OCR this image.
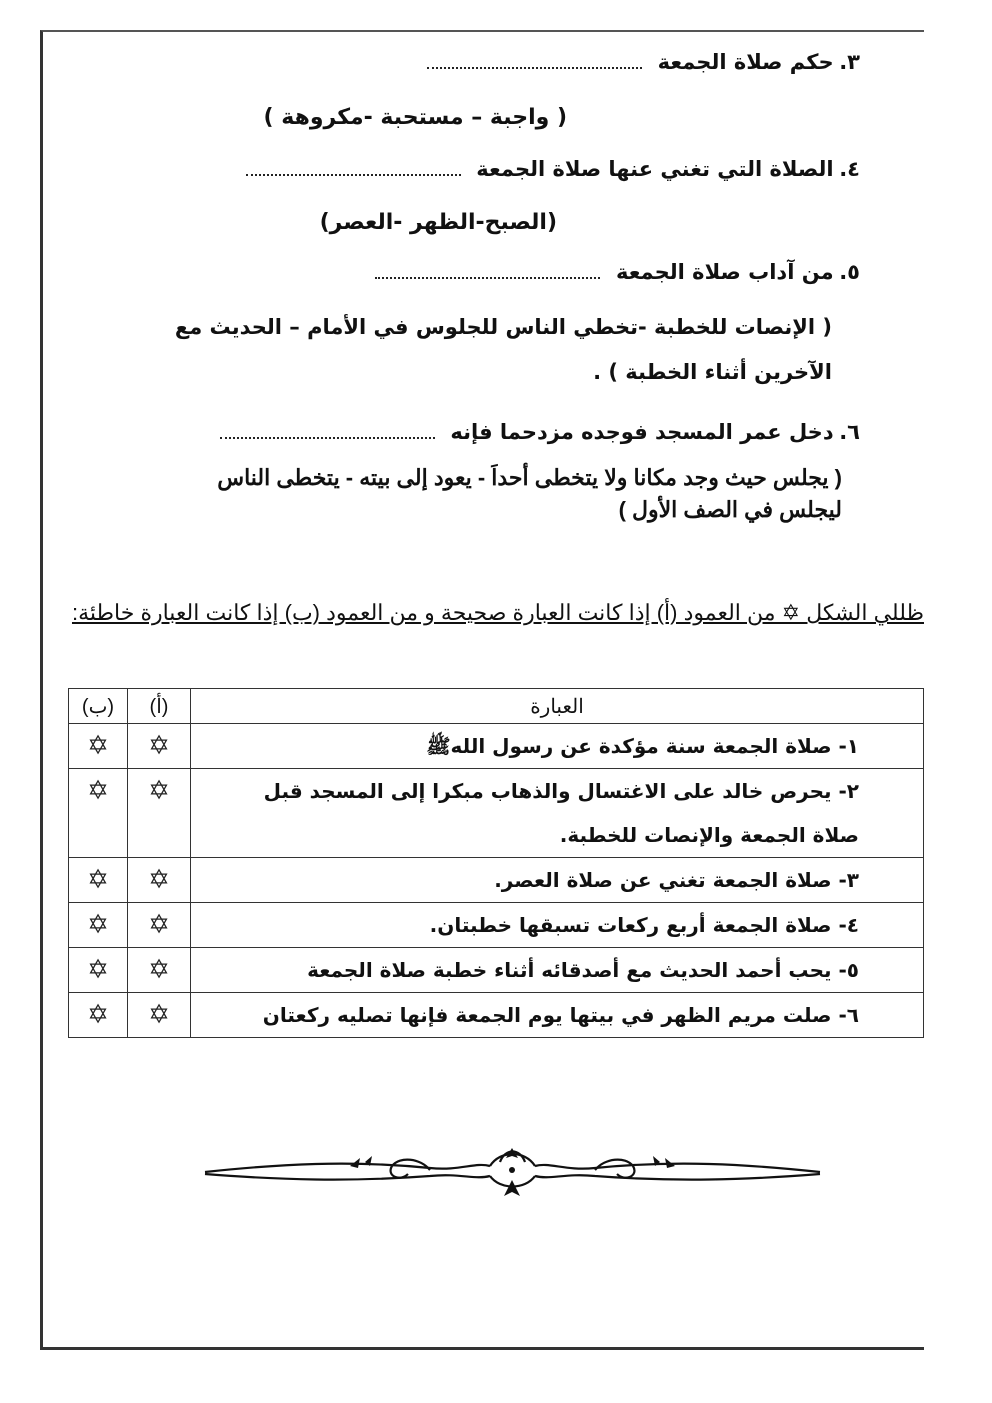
٣. حكم صلاة الجمعة
( واجبة – مستحبة -مكروهة )
٤. الصلاة التي تغني عنها صلاة الجمعة
(الصبح-الظهر -العصر)
٥. من آداب صلاة الجمعة
( الإنصات للخطبة -تخطي الناس للجلوس في الأمام – الحديث مع
الآخرين أثناء الخطبة ) .
٦. دخل عمر المسجد فوجده مزدحما فإنه
( يجلس حيث وجد مكانا ولا يتخطى أحداَ - يعود إلى بيته - يتخطى الناس
ليجلس في الصف الأول )
ظللي الشكل ✡ من العمود (أ) إذا كانت العبارة صحيحة و من العمود (ب) إذا كانت العبارة خاطئة:
العبارة	(أ)	(ب)

١- صلاة الجمعة سنة مؤكدة عن رسول اللهﷺ	✡	✡

٢- يحرص خالد على الاغتسال والذهاب مبكرا إلى المسجد قبل
صلاة الجمعة والإنصات للخطبة.	✡	✡

٣- صلاة الجمعة تغني عن صلاة العصر.	✡	✡

٤- صلاة الجمعة أربع ركعات تسبقها خطبتان.	✡	✡

٥- يحب أحمد الحديث مع أصدقائه أثناء خطبة صلاة الجمعة	✡	✡

٦- صلت مريم الظهر في بيتها يوم الجمعة فإنها تصليه ركعتان	✡	✡
